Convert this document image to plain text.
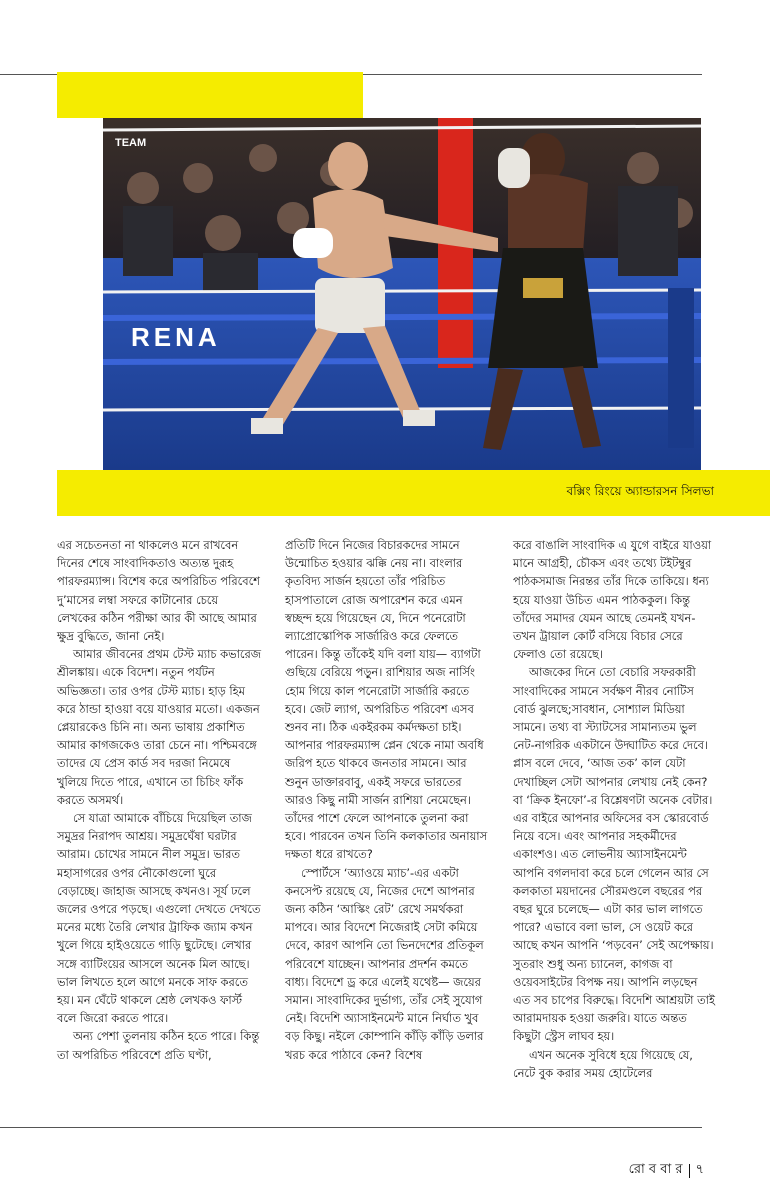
TEAM
RENA
বক্সিং রিংয়ে অ্যান্ডারসন সিলভা

এর সচেতনতা না থাকলেও মনে রাখবেন দিনের শেষে সাংবাদিকতাও অত্যন্ত দুরূহ পারফরম্যান্স। বিশেষ করে অপরিচিত পরিবেশে দু’মাসের লম্বা সফরে কাটানোর চেয়ে লেখকের কঠিন পরীক্ষা আর কী আছে আমার ক্ষুদ্র বুদ্ধিতে, জানা নেই।

আমার জীবনের প্রথম টেস্ট ম্যাচ কভারেজ শ্রীলঙ্কায়। একে বিদেশ। নতুন পর্যটন অভিজ্ঞতা। তার ওপর টেস্ট ম্যাচ। হাড় হিম করে ঠান্ডা হাওয়া বয়ে যাওয়ার মতো। একজন প্লেয়ারকেও চিনি না। অন্য ভাষায় প্রকাশিত আমার কাগজকেও তারা চেনে না। পশ্চিমবঙ্গে তাদের যে প্রেস কার্ড সব দরজা নিমেষে খুলিয়ে দিতে পারে, এখানে তা চিচিং ফাঁক করতে অসমর্থ।

সে যাত্রা আমাকে বাঁচিয়ে দিয়েছিল তাজ সমুদ্রর নিরাপদ আশ্রয়। সমুদ্রঘেঁষা ঘরটার আরাম। চোখের সামনে নীল সমুদ্র। ভারত মহাসাগরের ওপর নৌকোগুলো ঘুরে বেড়াচ্ছে। জাহাজ আসছে কখনও। সূর্য ঢলে জলের ওপরে পড়ছে। এগুলো দেখতে দেখতে মনের মধ্যে তৈরি লেখার ট্রাফিক জ্যাম কখন খুলে গিয়ে হাইওয়েতে গাড়ি ছুটেছে। লেখার সঙ্গে ব্যাটিংয়ের আসলে অনেক মিল আছে। ভাল লিখতে হলে আগে মনকে সাফ করতে হয়। মন ঘেঁটে থাকলে শ্রেষ্ঠ লেখকও ফার্স্ট বলে জিরো করতে পারে।

অন্য পেশা তুলনায় কঠিন হতে পারে। কিন্তু তা অপরিচিত পরিবেশে প্রতি ঘণ্টা,

প্রতিটি দিনে নিজের বিচারকদের সামনে উন্মোচিত হওয়ার ঝক্কি নেয় না। বাংলার কৃতবিদ্য সার্জন হয়তো তাঁর পরিচিত হাসপাতালে রোজ অপারেশন করে এমন স্বচ্ছন্দ হয়ে গিয়েছেন যে, দিনে পনেরোটা ল্যাপ্রোস্কোপিক সার্জারিও করে ফেলতে পারেন। কিন্তু তাঁকেই যদি বলা যায়— ব্যাগটা গুছিয়ে বেরিয়ে পড়ুন। রাশিয়ার অজ নার্সিং হোম গিয়ে কাল পনেরোটা সার্জারি করতে হবে। জেট ল্যাগ, অপরিচিত পরিবেশ এসব শুনব না। ঠিক একইরকম কর্মদক্ষতা চাই। আপনার পারফরম্যান্স প্লেন থেকে নামা অবধি জরিপ হতে থাকবে জনতার সামনে। আর শুনুন ডাক্তারবাবু, একই সফরে ভারতের আরও কিছু নামী সার্জন রাশিয়া নেমেছেন। তাঁদের পাশে ফেলে আপনাকে তুলনা করা হবে। পারবেন তখন তিনি কলকাতার অনায়াস দক্ষতা ধরে রাখতে?

স্পোর্টসে ‘অ্যাওয়ে ম্যাচ’-এর একটা কনসেপ্ট রয়েছে যে, নিজের দেশে আপনার জন্য কঠিন ‘আস্কিং রেট’ রেখে সমর্থকরা মাপবে। আর বিদেশে নিজেরাই সেটা কমিয়ে দেবে, কারণ আপনি তো ভিনদেশের প্রতিকূল পরিবেশে যাচ্ছেন। আপনার প্রদর্শন কমতে বাধ্য। বিদেশে ড্র করে এলেই যথেষ্ট— জয়ের সমান। সাংবাদিকের দুর্ভাগ্য, তাঁর সেই সুযোগ নেই। বিদেশি অ্যাসাইনমেন্ট মানে নির্ঘাত খুব বড় কিছু। নইলে কোম্পানি কাঁড়ি কাঁড়ি ডলার খরচ করে পাঠাবে কেন? বিশেষ

করে বাঙালি সাংবাদিক এ যুগে বাইরে যাওয়া মানে আগ্রহী, চৌকস এবং তথ্যে টইটম্বুর পাঠকসমাজ নিরন্তর তাঁর দিকে তাকিয়ে। ধন্য হয়ে যাওয়া উচিত এমন পাঠককুল। কিন্তু তাঁদের সমাদর যেমন আছে তেমনই যখন-তখন ট্রায়াল কোর্ট বসিয়ে বিচার সেরে ফেলাও তো রয়েছে।

আজকের দিনে তো বেচারি সফরকারী সাংবাদিকের সামনে সর্বক্ষণ নীরব নোটিস বোর্ড ঝুলছে;সাবধান, সোশ্যাল মিডিয়া সামনে। তথ্য বা স্ট্যাটসের সামান্যতম ভুল নেট-নাগরিক একটানে উদ্ঘাটিত করে দেবে। প্লাস বলে দেবে, ‘আজ তক’ কাল যেটা দেখাচ্ছিল সেটা আপনার লেখায় নেই কেন? বা ‘ক্রিক ইনফো’-র বিশ্লেষণটা অনেক বেটার। এর বাইরে আপনার অফিসের বস স্কোরবোর্ড নিয়ে বসে। এবং আপনার সহকর্মীদের একাংশও। এত লোভনীয় অ্যাসাইনমেন্ট আপনি বগলদাবা করে চলে গেলেন আর সে কলকাতা ময়দানের সৌরমণ্ডলে বছরের পর বছর ঘুরে চলেছে— এটা কার ভাল লাগতে পারে? এভাবে বলা ভাল, সে ওয়েট করে আছে কখন আপনি ‘পড়বেন’ সেই অপেক্ষায়। সুতরাং শুধু অন্য চ্যানেল, কাগজ বা ওয়েবসাইটের বিপক্ষ নয়। আপনি লড়ছেন এত সব চাপের বিরুদ্ধে। বিদেশি আশ্রয়টা তাই আরামদায়ক হওয়া জরুরি। যাতে অন্তত কিছুটা স্ট্রেস লাঘব হয়।

এখন অনেক সুবিধে হয়ে গিয়েছে যে, নেটে বুক করার সময় হোটেলের

রো ব বা র ৭
